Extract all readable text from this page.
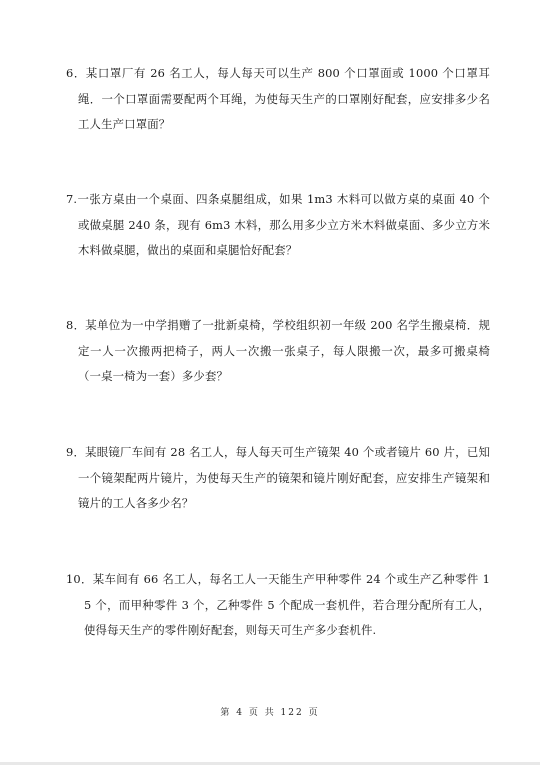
6．某口罩厂有 26 名工人，每人每天可以生产 800 个口罩面或 1000 个口罩耳绳．一个口罩面需要配两个耳绳，为使每天生产的口罩刚好配套，应安排多少名工人生产口罩面？
7.一张方桌由一个桌面、四条桌腿组成，如果 1m3 木料可以做方桌的桌面 40 个或做桌腿 240 条，现有 6m3 木料，那么用多少立方米木料做桌面、多少立方米木料做桌腿，做出的桌面和桌腿恰好配套？
8．某单位为一中学捐赠了一批新桌椅，学校组织初一年级 200 名学生搬桌椅．规定一人一次搬两把椅子，两人一次搬一张桌子，每人限搬一次，最多可搬桌椅（一桌一椅为一套）多少套？
9．某眼镜厂车间有 28 名工人，每人每天可生产镜架 40 个或者镜片 60 片，已知一个镜架配两片镜片，为使每天生产的镜架和镜片刚好配套，应安排生产镜架和镜片的工人各多少名？
10．某车间有 66 名工人，每名工人一天能生产甲种零件 24 个或生产乙种零件 15 个，而甲种零件 3 个，乙种零件 5 个配成一套机件，若合理分配所有工人，使得每天生产的零件刚好配套，则每天可生产多少套机件.
第 4 页 共 122 页
